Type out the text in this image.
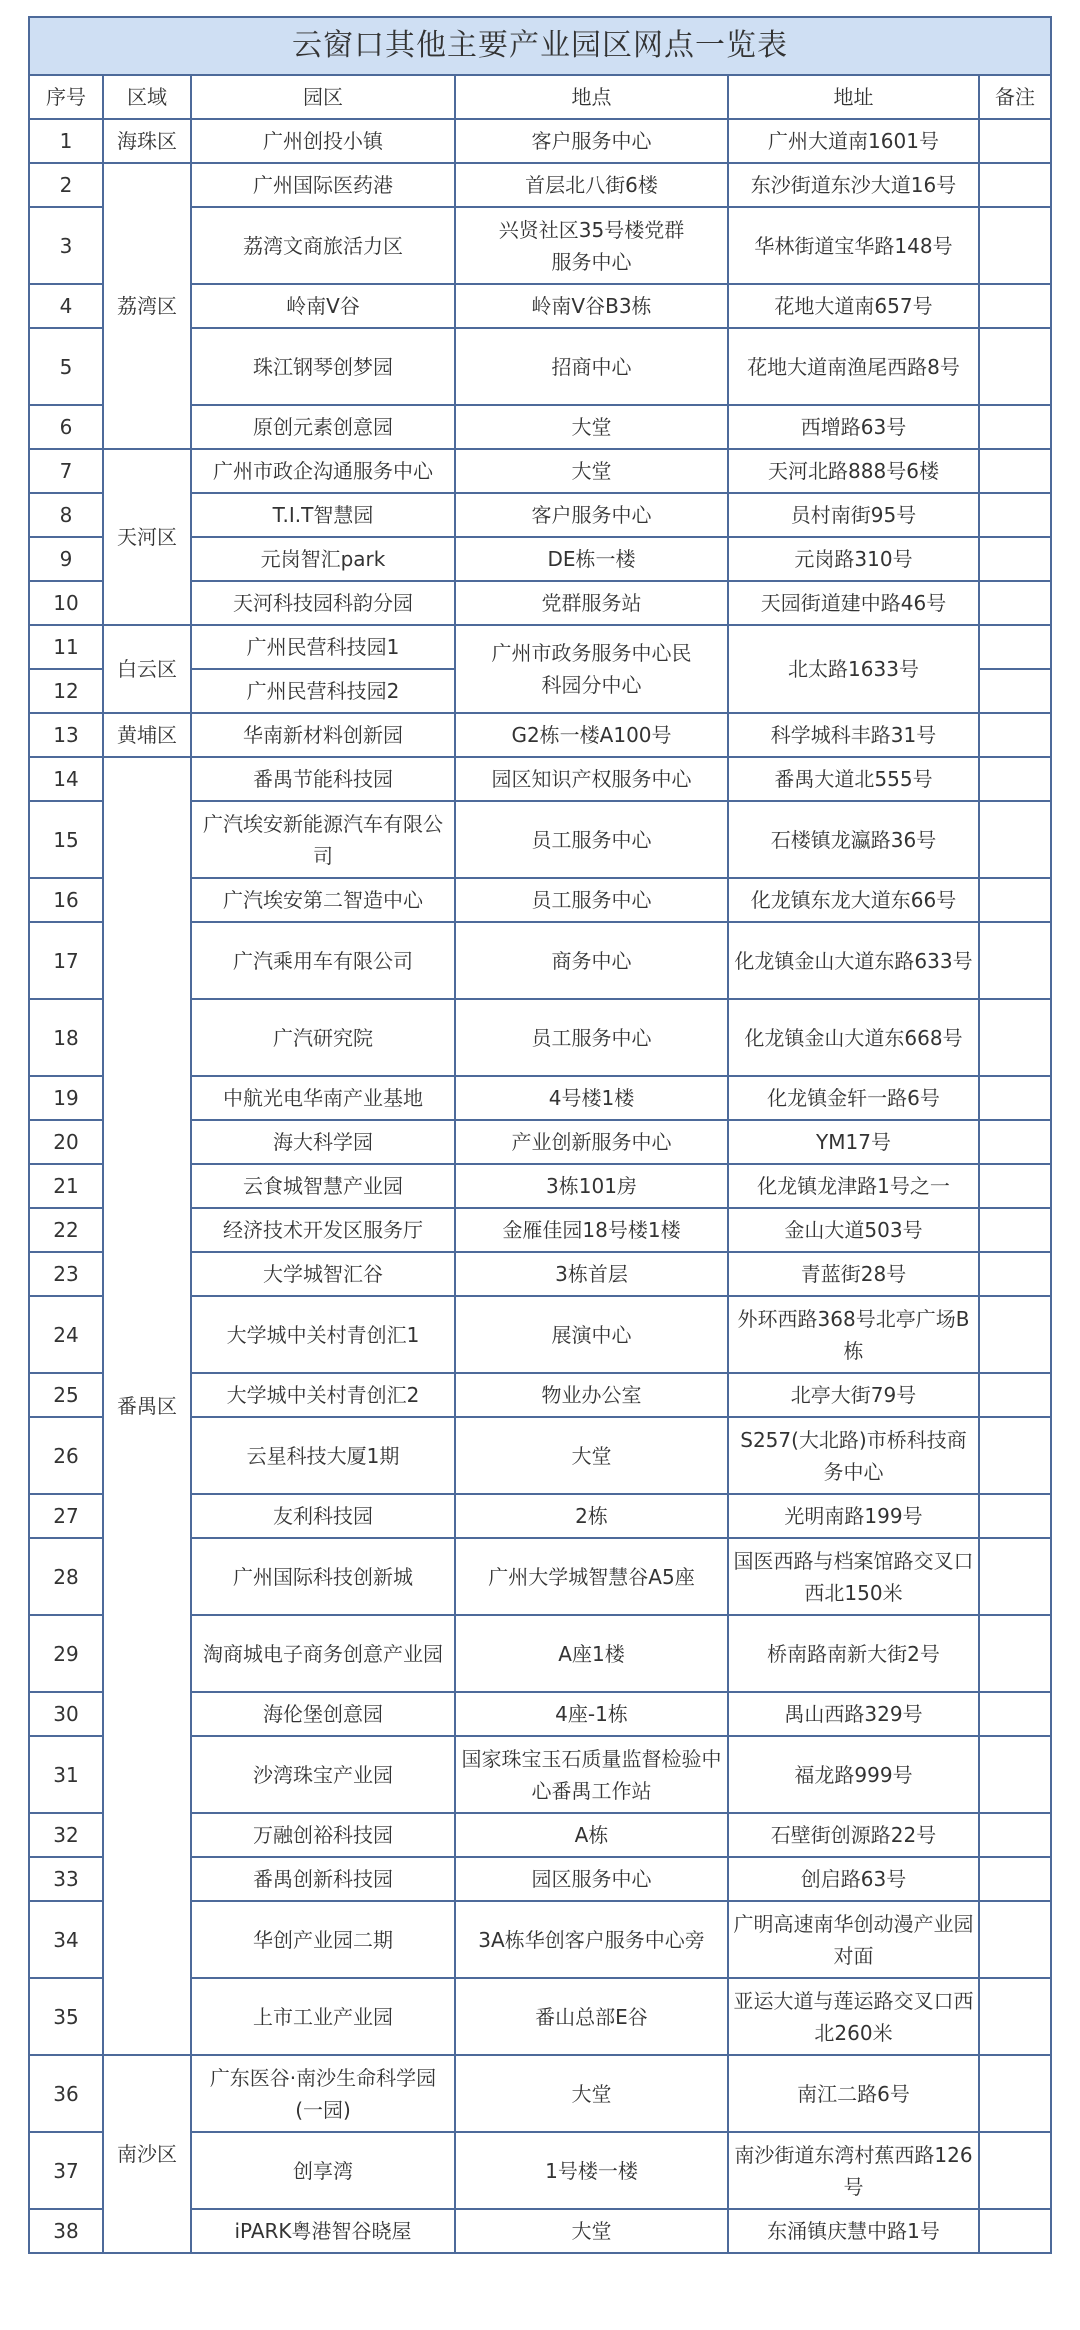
云窗口其他主要产业园区网点一览表					
序号	区域	园区	地点	地址	备注
1	海珠区	广州创投小镇	客户服务中心	广州大道南1601号	
2	荔湾区	广州国际医药港	首层北八街6楼	东沙街道东沙大道16号	
3		荔湾文商旅活力区	兴贤社区35号楼党群服务中心	华林街道宝华路148号	
4		岭南V谷	岭南V谷B3栋	花地大道南657号	
5		珠江钢琴创梦园	招商中心	花地大道南渔尾西路8号	
6		原创元素创意园	大堂	西增路63号	
7	天河区	广州市政企沟通服务中心	大堂	天河北路888号6楼	
8		T.I.T智慧园	客户服务中心	员村南街95号	
9		元岗智汇park	DE栋一楼	元岗路310号	
10		天河科技园科韵分园	党群服务站	天园街道建中路46号	
11	白云区	广州民营科技园1	广州市政务服务中心民科园分中心	北太路1633号	
12		广州民营科技园2			
13	黄埔区	华南新材料创新园	G2栋一楼A100号	科学城科丰路31号	
14	番禺区	番禺节能科技园	园区知识产权服务中心	番禺大道北555号	
15		广汽埃安新能源汽车有限公司	员工服务中心	石楼镇龙瀛路36号	
16		广汽埃安第二智造中心	员工服务中心	化龙镇东龙大道东66号	
17		广汽乘用车有限公司	商务中心	化龙镇金山大道东路633号	
18		广汽研究院	员工服务中心	化龙镇金山大道东668号	
19		中航光电华南产业基地	4号楼1楼	化龙镇金轩一路6号	
20		海大科学园	产业创新服务中心	YM17号	
21		云食城智慧产业园	3栋101房	化龙镇龙津路1号之一	
22		经济技术开发区服务厅	金雁佳园18号楼1楼	金山大道503号	
23		大学城智汇谷	3栋首层	青蓝街28号	
24		大学城中关村青创汇1	展演中心	外环西路368号北亭广场B栋	
25		大学城中关村青创汇2	物业办公室	北亭大街79号	
26		云星科技大厦1期	大堂	S257(大北路)市桥科技商务中心	
27		友利科技园	2栋	光明南路199号	
28		广州国际科技创新城	广州大学城智慧谷A5座	国医西路与档案馆路交叉口西北150米	
29		淘商城电子商务创意产业园	A座1楼	桥南路南新大街2号	
30		海伦堡创意园	4座-1栋	禺山西路329号	
31		沙湾珠宝产业园	国家珠宝玉石质量监督检验中心番禺工作站	福龙路999号	
32		万融创裕科技园	A栋	石壁街创源路22号	
33		番禺创新科技园	园区服务中心	创启路63号	
34		华创产业园二期	3A栋华创客户服务中心旁	广明高速南华创动漫产业园对面	
35		上市工业产业园	番山总部E谷	亚运大道与莲运路交叉口西北260米	
36	南沙区	广东医谷·南沙生命科学园(一园)	大堂	南江二路6号	
37		创享湾	1号楼一楼	南沙街道东湾村蕉西路126号	
38		iPARK粤港智谷晓屋	大堂	东涌镇庆慧中路1号	
